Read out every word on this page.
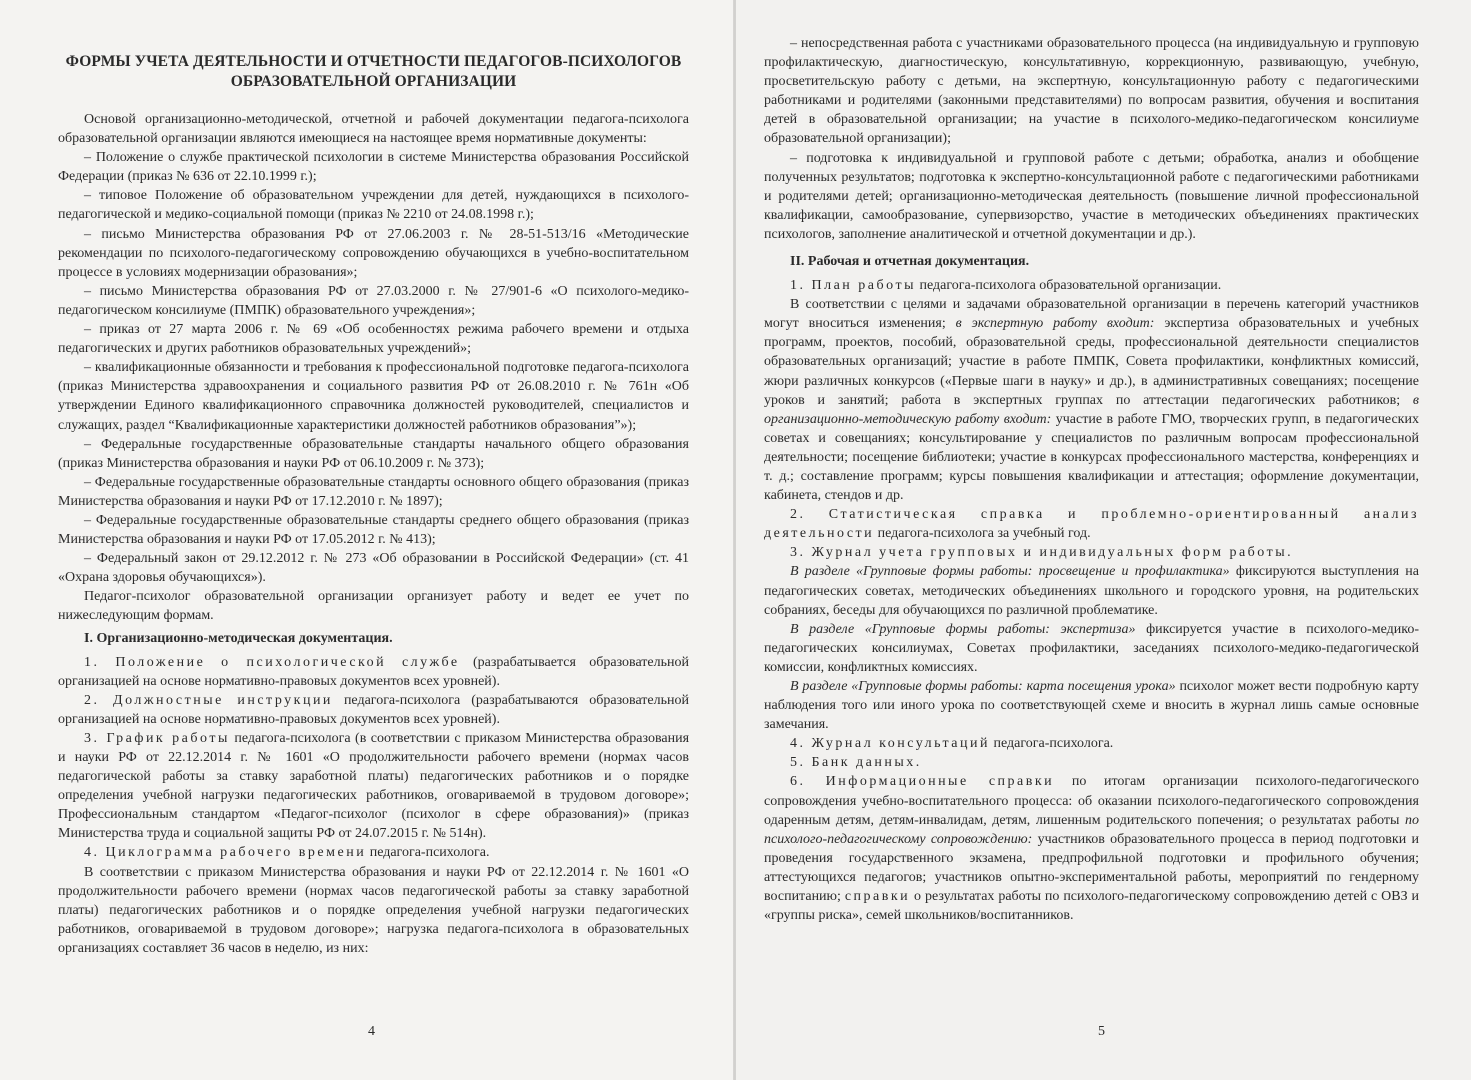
ФОРМЫ УЧЕТА ДЕЯТЕЛЬНОСТИ И ОТЧЕТНОСТИ ПЕДАГОГОВ-ПСИХОЛОГОВ ОБРАЗОВАТЕЛЬНОЙ ОРГАНИЗАЦИИ

Основой организационно-методической, отчетной и рабочей документации педагога-психолога образовательной организации являются имеющиеся на настоящее время нормативные документы:

– Положение о службе практической психологии в системе Министерства образования Российской Федерации (приказ № 636 от 22.10.1999 г.);

– типовое Положение об образовательном учреждении для детей, нуждающихся в психолого-педагогической и медико-социальной помощи (приказ № 2210 от 24.08.1998 г.);

– письмо Министерства образования РФ от 27.06.2003 г. № 28-51-513/16 «Методические рекомендации по психолого-педагогическому сопровождению обучающихся в учебно-воспитательном процессе в условиях модернизации образования»;

– письмо Министерства образования РФ от 27.03.2000 г. № 27/901-6 «О психолого-медико-педагогическом консилиуме (ПМПК) образовательного учреждения»;

– приказ от 27 марта 2006 г. № 69 «Об особенностях режима рабочего времени и отдыха педагогических и других работников образовательных учреждений»;

– квалификационные обязанности и требования к профессиональной подготовке педагога-психолога (приказ Министерства здравоохранения и социального развития РФ от 26.08.2010 г. № 761н «Об утверждении Единого квалификационного справочника должностей руководителей, специалистов и служащих, раздел “Квалификационные характеристики должностей работников образования”»);

– Федеральные государственные образовательные стандарты начального общего образования (приказ Министерства образования и науки РФ от 06.10.2009 г. № 373);

– Федеральные государственные образовательные стандарты основного общего образования (приказ Министерства образования и науки РФ от 17.12.2010 г. № 1897);

– Федеральные государственные образовательные стандарты среднего общего образования (приказ Министерства образования и науки РФ от 17.05.2012 г. № 413);

– Федеральный закон от 29.12.2012 г. № 273 «Об образовании в Российской Федерации» (ст. 41 «Охрана здоровья обучающихся»).

Педагог-психолог образовательной организации организует работу и ведет ее учет по нижеследующим формам.

I. Организационно-методическая документация.

1. Положение о психологической службе (разрабатывается образовательной организацией на основе нормативно-правовых документов всех уровней).

2. Должностные инструкции педагога-психолога (разрабатываются образовательной организацией на основе нормативно-правовых документов всех уровней).

3. График работы педагога-психолога (в соответствии с приказом Министерства образования и науки РФ от 22.12.2014 г. № 1601 «О продолжительности рабочего времени (нормах часов педагогической работы за ставку заработной платы) педагогических работников и о порядке определения учебной нагрузки педагогических работников, оговариваемой в трудовом договоре»; Профессиональным стандартом «Педагог-психолог (психолог в сфере образования)» (приказ Министерства труда и социальной защиты РФ от 24.07.2015 г. № 514н).

4. Циклограмма рабочего времени педагога-психолога.

В соответствии с приказом Министерства образования и науки РФ от 22.12.2014 г. № 1601 «О продолжительности рабочего времени (нормах часов педагогической работы за ставку заработной платы) педагогических работников и о порядке определения учебной нагрузки педагогических работников, оговариваемой в трудовом договоре»; нагрузка педагога-психолога в образовательных организациях составляет 36 часов в неделю, из них:

4

– непосредственная работа с участниками образовательного процесса (на индивидуальную и групповую профилактическую, диагностическую, консультативную, коррекционную, развивающую, учебную, просветительскую работу с детьми, на экспертную, консультационную работу с педагогическими работниками и родителями (законными представителями) по вопросам развития, обучения и воспитания детей в образовательной организации; на участие в психолого-медико-педагогическом консилиуме образовательной организации);

– подготовка к индивидуальной и групповой работе с детьми; обработка, анализ и обобщение полученных результатов; подготовка к экспертно-консультационной работе с педагогическими работниками и родителями детей; организационно-методическая деятельность (повышение личной профессиональной квалификации, самообразование, супервизорство, участие в методических объединениях практических психологов, заполнение аналитической и отчетной документации и др.).

II. Рабочая и отчетная документация.

1. План работы педагога-психолога образовательной организации.

В соответствии с целями и задачами образовательной организации в перечень категорий участников могут вноситься изменения; в экспертную работу входит: экспертиза образовательных и учебных программ, проектов, пособий, образовательной среды, профессиональной деятельности специалистов образовательных организаций; участие в работе ПМПК, Совета профилактики, конфликтных комиссий, жюри различных конкурсов («Первые шаги в науку» и др.), в административных совещаниях; посещение уроков и занятий; работа в экспертных группах по аттестации педагогических работников; в организационно-методическую работу входит: участие в работе ГМО, творческих групп, в педагогических советах и совещаниях; консультирование у специалистов по различным вопросам профессиональной деятельности; посещение библиотеки; участие в конкурсах профессионального мастерства, конференциях и т. д.; составление программ; курсы повышения квалификации и аттестация; оформление документации, кабинета, стендов и др.

2. Статистическая справка и проблемно-ориентированный анализ деятельности педагога-психолога за учебный год.

3. Журнал учета групповых и индивидуальных форм работы.

В разделе «Групповые формы работы: просвещение и профилактика» фиксируются выступления на педагогических советах, методических объединениях школьного и городского уровня, на родительских собраниях, беседы для обучающихся по различной проблематике.

В разделе «Групповые формы работы: экспертиза» фиксируется участие в психолого-медико-педагогических консилиумах, Советах профилактики, заседаниях психолого-медико-педагогической комиссии, конфликтных комиссиях.

В разделе «Групповые формы работы: карта посещения урока» психолог может вести подробную карту наблюдения того или иного урока по соответствующей схеме и вносить в журнал лишь самые основные замечания.

4. Журнал консультаций педагога-психолога.

5. Банк данных.

6. Информационные справки по итогам организации психолого-педагогического сопровождения учебно-воспитательного процесса: об оказании психолого-педагогического сопровождения одаренным детям, детям-инвалидам, детям, лишенным родительского попечения; о результатах работы по психолого-педагогическому сопровождению: участников образовательного процесса в период подготовки и проведения государственного экзамена, предпрофильной подготовки и профильного обучения; аттестующихся педагогов; участников опытно-экспериментальной работы, мероприятий по гендерному воспитанию; справки о результатах работы по психолого-педагогическому сопровождению детей с ОВЗ и «группы риска», семей школьников/воспитанников.

5
